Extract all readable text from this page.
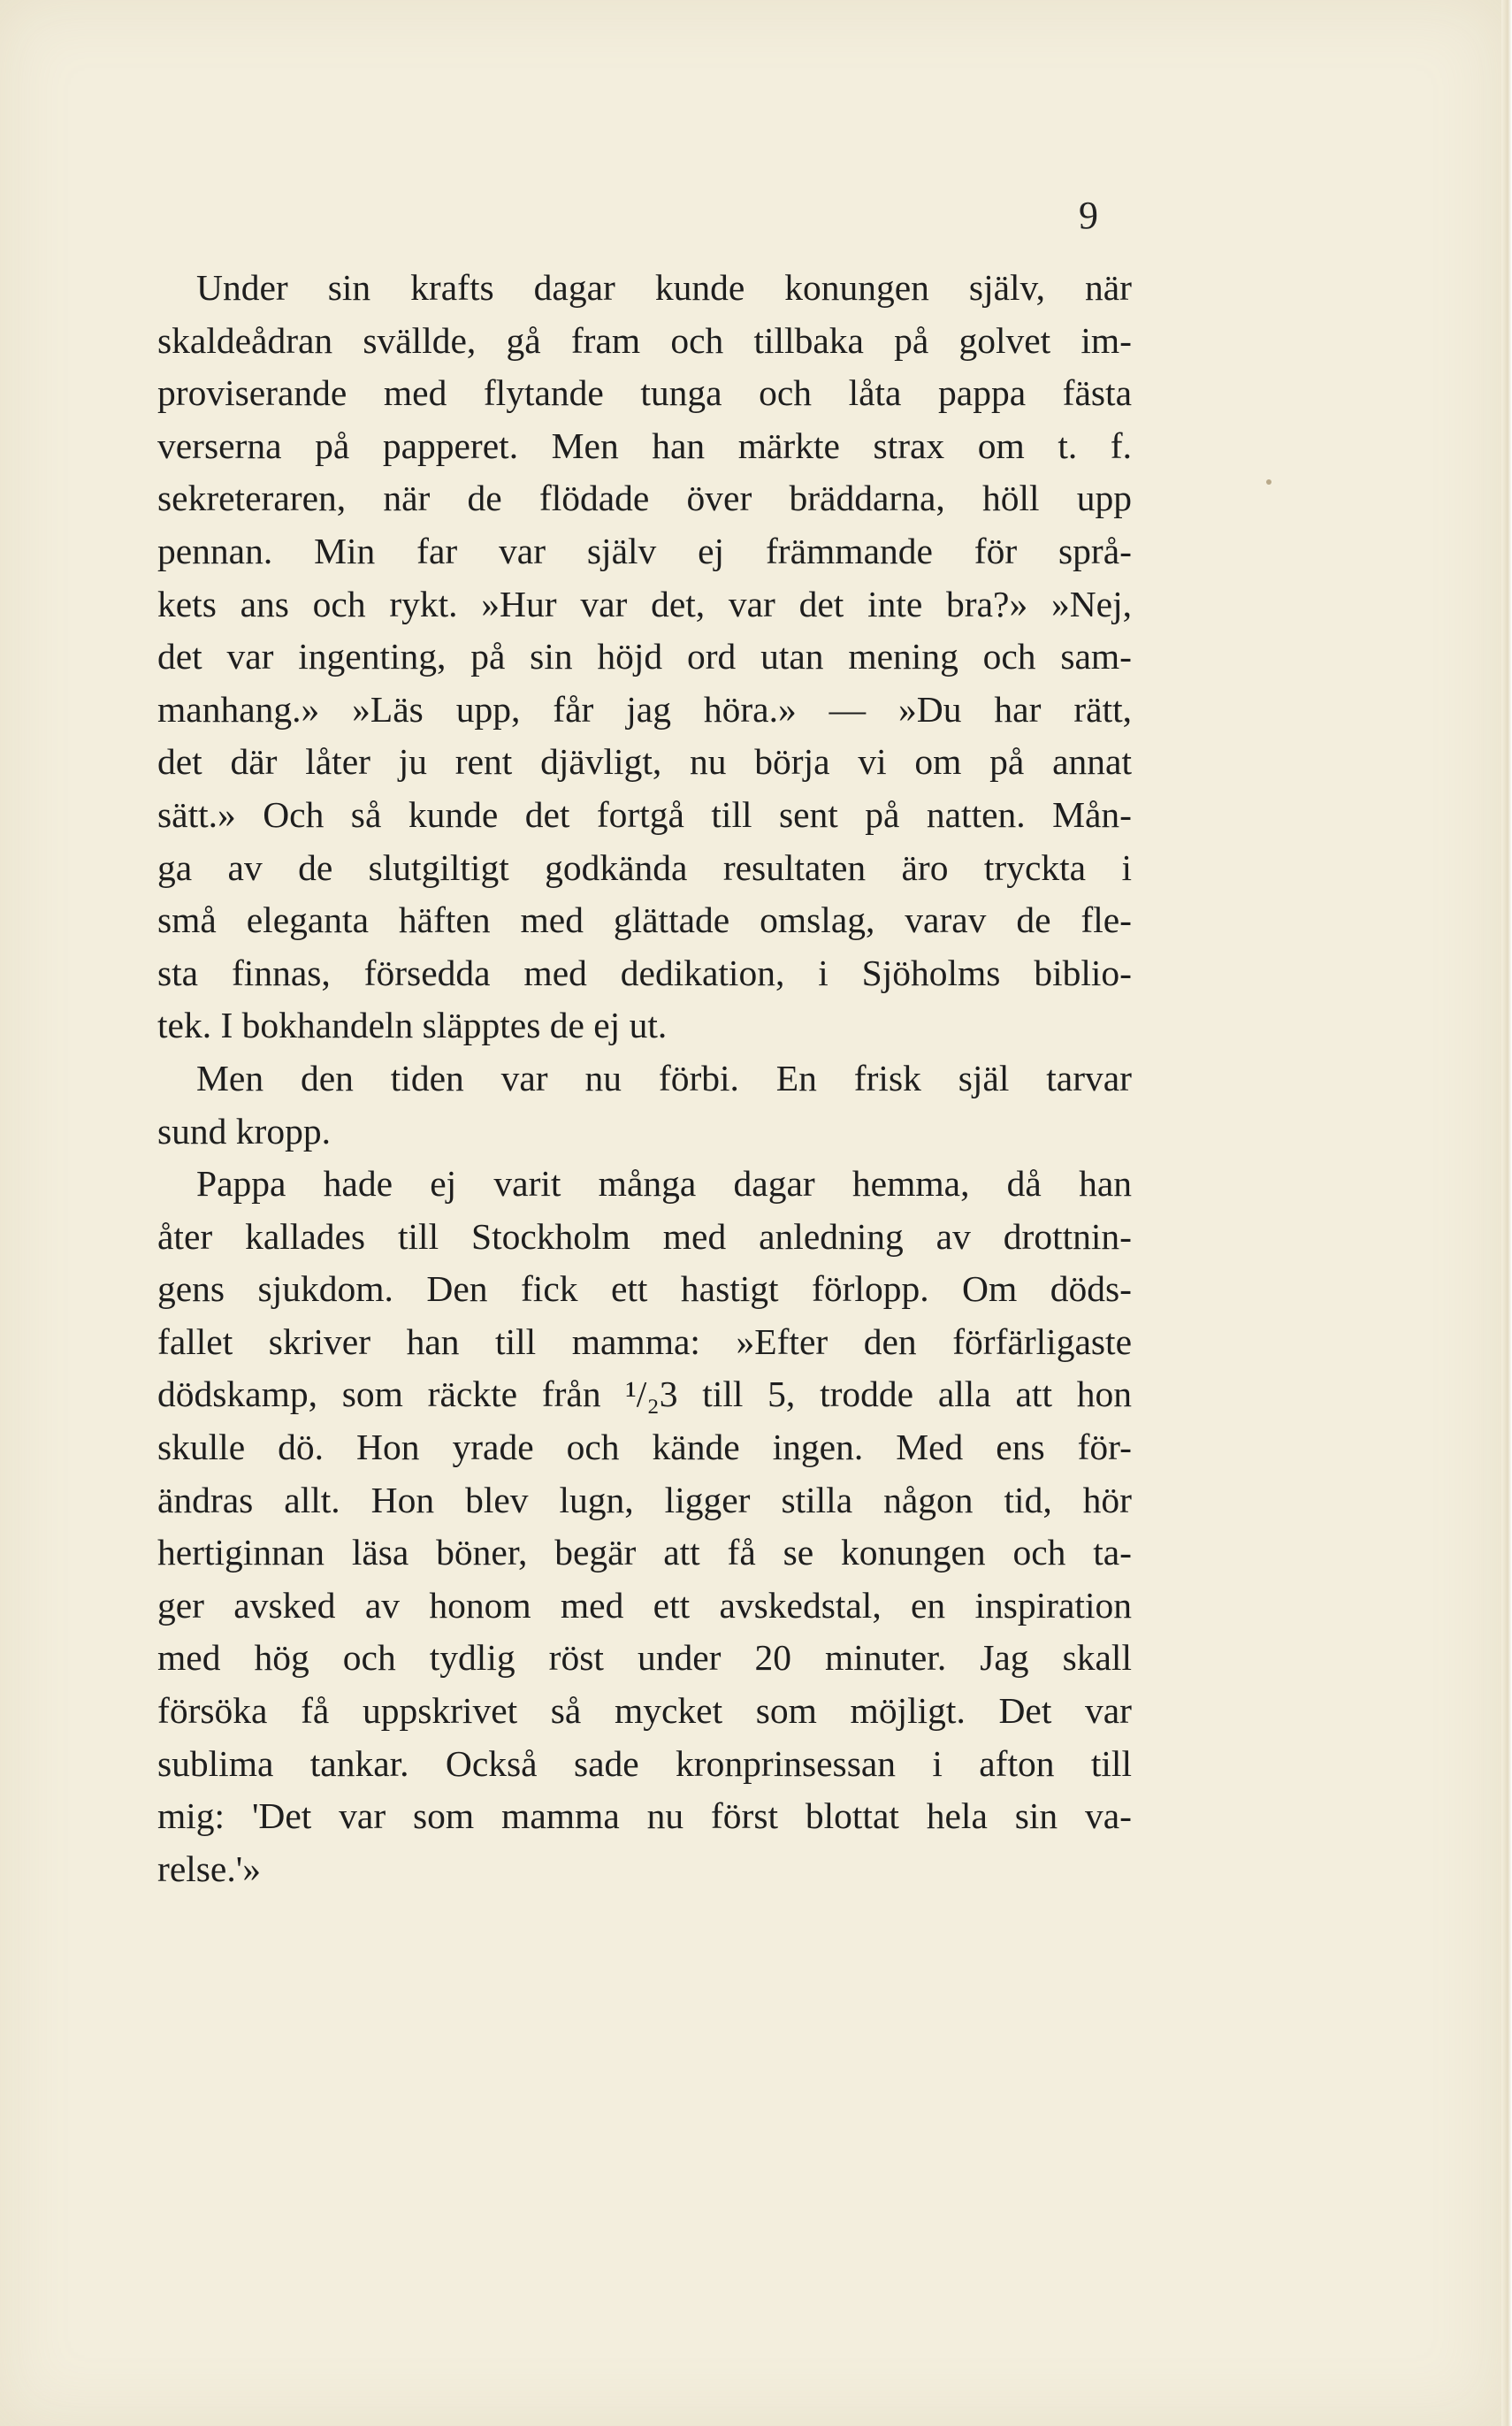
9
Under sin krafts dagar kunde konungen själv, när
skaldeådran svällde, gå fram och tillbaka på golvet im-
proviserande med flytande tunga och låta pappa fästa
verserna på papperet. Men han märkte strax om t. f.
sekreteraren, när de flödade över bräddarna, höll upp
pennan. Min far var själv ej främmande för språ-
kets ans och rykt. »Hur var det, var det inte bra?» »Nej,
det var ingenting, på sin höjd ord utan mening och sam-
manhang.» »Läs upp, får jag höra.» — »Du har rätt,
det där låter ju rent djävligt, nu börja vi om på annat
sätt.» Och så kunde det fortgå till sent på natten. Mån-
ga av de slutgiltigt godkända resultaten äro tryckta i
små eleganta häften med glättade omslag, varav de fle-
sta finnas, försedda med dedikation, i Sjöholms biblio-
tek. I bokhandeln släpptes de ej ut.
Men den tiden var nu förbi. En frisk själ tarvar
sund kropp.
Pappa hade ej varit många dagar hemma, då han
åter kallades till Stockholm med anledning av drottnin-
gens sjukdom. Den fick ett hastigt förlopp. Om döds-
fallet skriver han till mamma: »Efter den förfärligaste
dödskamp, som räckte från ¹/₂3 till 5, trodde alla att hon
skulle dö. Hon yrade och kände ingen. Med ens för-
ändras allt. Hon blev lugn, ligger stilla någon tid, hör
hertiginnan läsa böner, begär att få se konungen och ta-
ger avsked av honom med ett avskedstal, en inspiration
med hög och tydlig röst under 20 minuter. Jag skall
försöka få uppskrivet så mycket som möjligt. Det var
sublima tankar. Också sade kronprinsessan i afton till
mig: 'Det var som mamma nu först blottat hela sin va-
relse.'»
